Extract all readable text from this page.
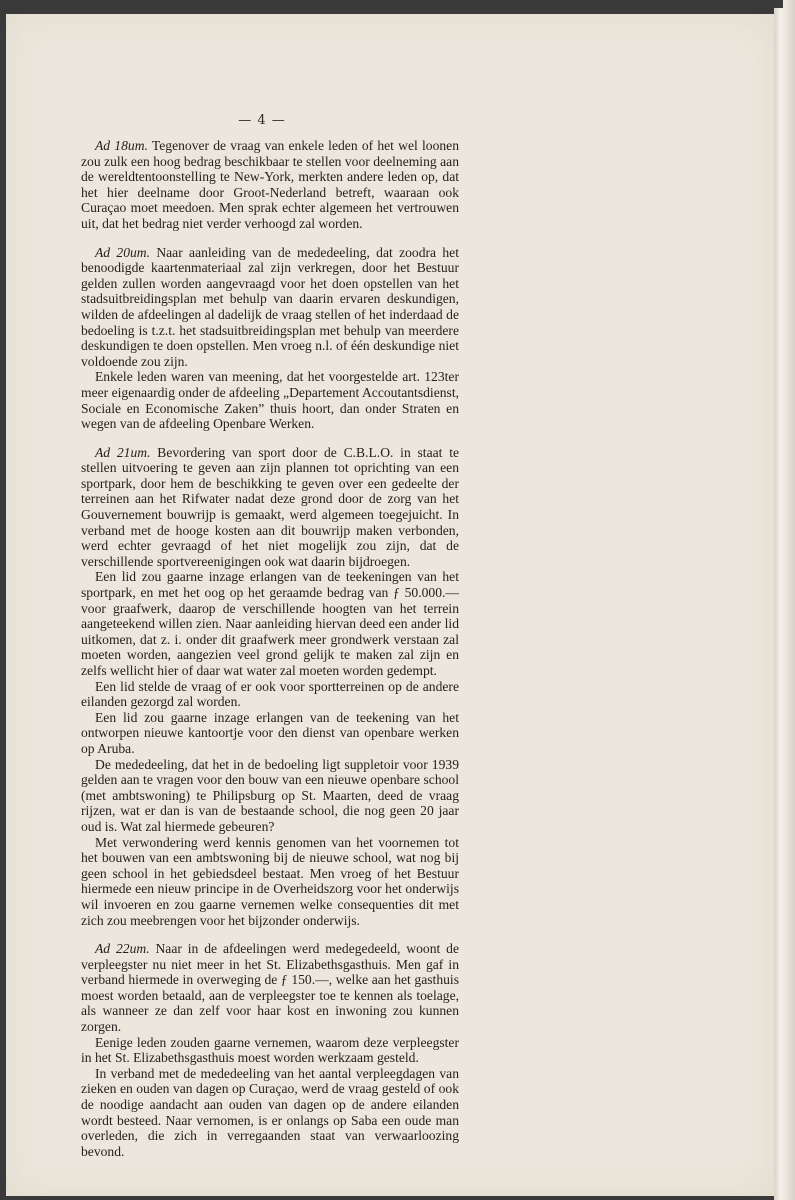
— 4 —

Ad 18um. Tegenover de vraag van enkele leden of het wel loonen zou zulk een hoog bedrag beschikbaar te stellen voor deelneming aan de wereldtentoonstelling te New-York, merkten andere leden op, dat het hier deelname door Groot-Nederland betreft, waaraan ook Curaçao moet meedoen. Men sprak echter algemeen het vertrouwen uit, dat het bedrag niet verder verhoogd zal worden.

Ad 20um. Naar aanleiding van de mededeeling, dat zoodra het benoodigde kaartenmateriaal zal zijn verkregen, door het Bestuur gelden zullen worden aangevraagd voor het doen opstellen van het stadsuitbreidingsplan met behulp van daarin ervaren deskundigen, wilden de afdeelingen al dadelijk de vraag stellen of het inderdaad de bedoeling is t.z.t. het stadsuitbreidingsplan met behulp van meerdere deskundigen te doen opstellen. Men vroeg n.l. of één deskundige niet voldoende zou zijn.

Enkele leden waren van meening, dat het voorgestelde art. 123ter meer eigenaardig onder de afdeeling „Departement Accoutantsdienst, Sociale en Economische Zaken” thuis hoort, dan onder Straten en wegen van de afdeeling Openbare Werken.

Ad 21um. Bevordering van sport door de C.B.L.O. in staat te stellen uitvoering te geven aan zijn plannen tot oprichting van een sportpark, door hem de beschikking te geven over een gedeelte der terreinen aan het Rifwater nadat deze grond door de zorg van het Gouvernement bouwrijp is gemaakt, werd algemeen toegejuicht. In verband met de hooge kosten aan dit bouwrijp maken verbonden, werd echter gevraagd of het niet mogelijk zou zijn, dat de verschillende sportvereenigingen ook wat daarin bijdroegen.

Een lid zou gaarne inzage erlangen van de teekeningen van het sportpark, en met het oog op het geraamde bedrag van ƒ 50.000.— voor graafwerk, daarop de verschillende hoogten van het terrein aangeteekend willen zien. Naar aanleiding hiervan deed een ander lid uitkomen, dat z. i. onder dit graafwerk meer grondwerk verstaan zal moeten worden, aangezien veel grond gelijk te maken zal zijn en zelfs wellicht hier of daar wat water zal moeten worden gedempt.

Een lid stelde de vraag of er ook voor sportterreinen op de andere eilanden gezorgd zal worden.

Een lid zou gaarne inzage erlangen van de teekening van het ontworpen nieuwe kantoortje voor den dienst van openbare werken op Aruba.

De mededeeling, dat het in de bedoeling ligt suppletoir voor 1939 gelden aan te vragen voor den bouw van een nieuwe openbare school (met ambtswoning) te Philipsburg op St. Maarten, deed de vraag rijzen, wat er dan is van de bestaande school, die nog geen 20 jaar oud is. Wat zal hiermede gebeuren?

Met verwondering werd kennis genomen van het voornemen tot het bouwen van een ambtswoning bij de nieuwe school, wat nog bij geen school in het gebiedsdeel bestaat. Men vroeg of het Bestuur hiermede een nieuw principe in de Overheidszorg voor het onderwijs wil invoeren en zou gaarne vernemen welke consequenties dit met zich zou meebrengen voor het bijzonder onderwijs.

Ad 22um. Naar in de afdeelingen werd medegedeeld, woont de verpleegster nu niet meer in het St. Elizabethsgasthuis. Men gaf in verband hiermede in overweging de ƒ 150.—, welke aan het gasthuis moest worden betaald, aan de verpleegster toe te kennen als toelage, als wanneer ze dan zelf voor haar kost en inwoning zou kunnen zorgen.

Eenige leden zouden gaarne vernemen, waarom deze verpleegster in het St. Elizabethsgasthuis moest worden werkzaam gesteld.

In verband met de mededeeling van het aantal verpleegdagen van zieken en ouden van dagen op Curaçao, werd de vraag gesteld of ook de noodige aandacht aan ouden van dagen op de andere eilanden wordt besteed. Naar vernomen, is er onlangs op Saba een oude man overleden, die zich in verregaanden staat van verwaarloozing bevond.
